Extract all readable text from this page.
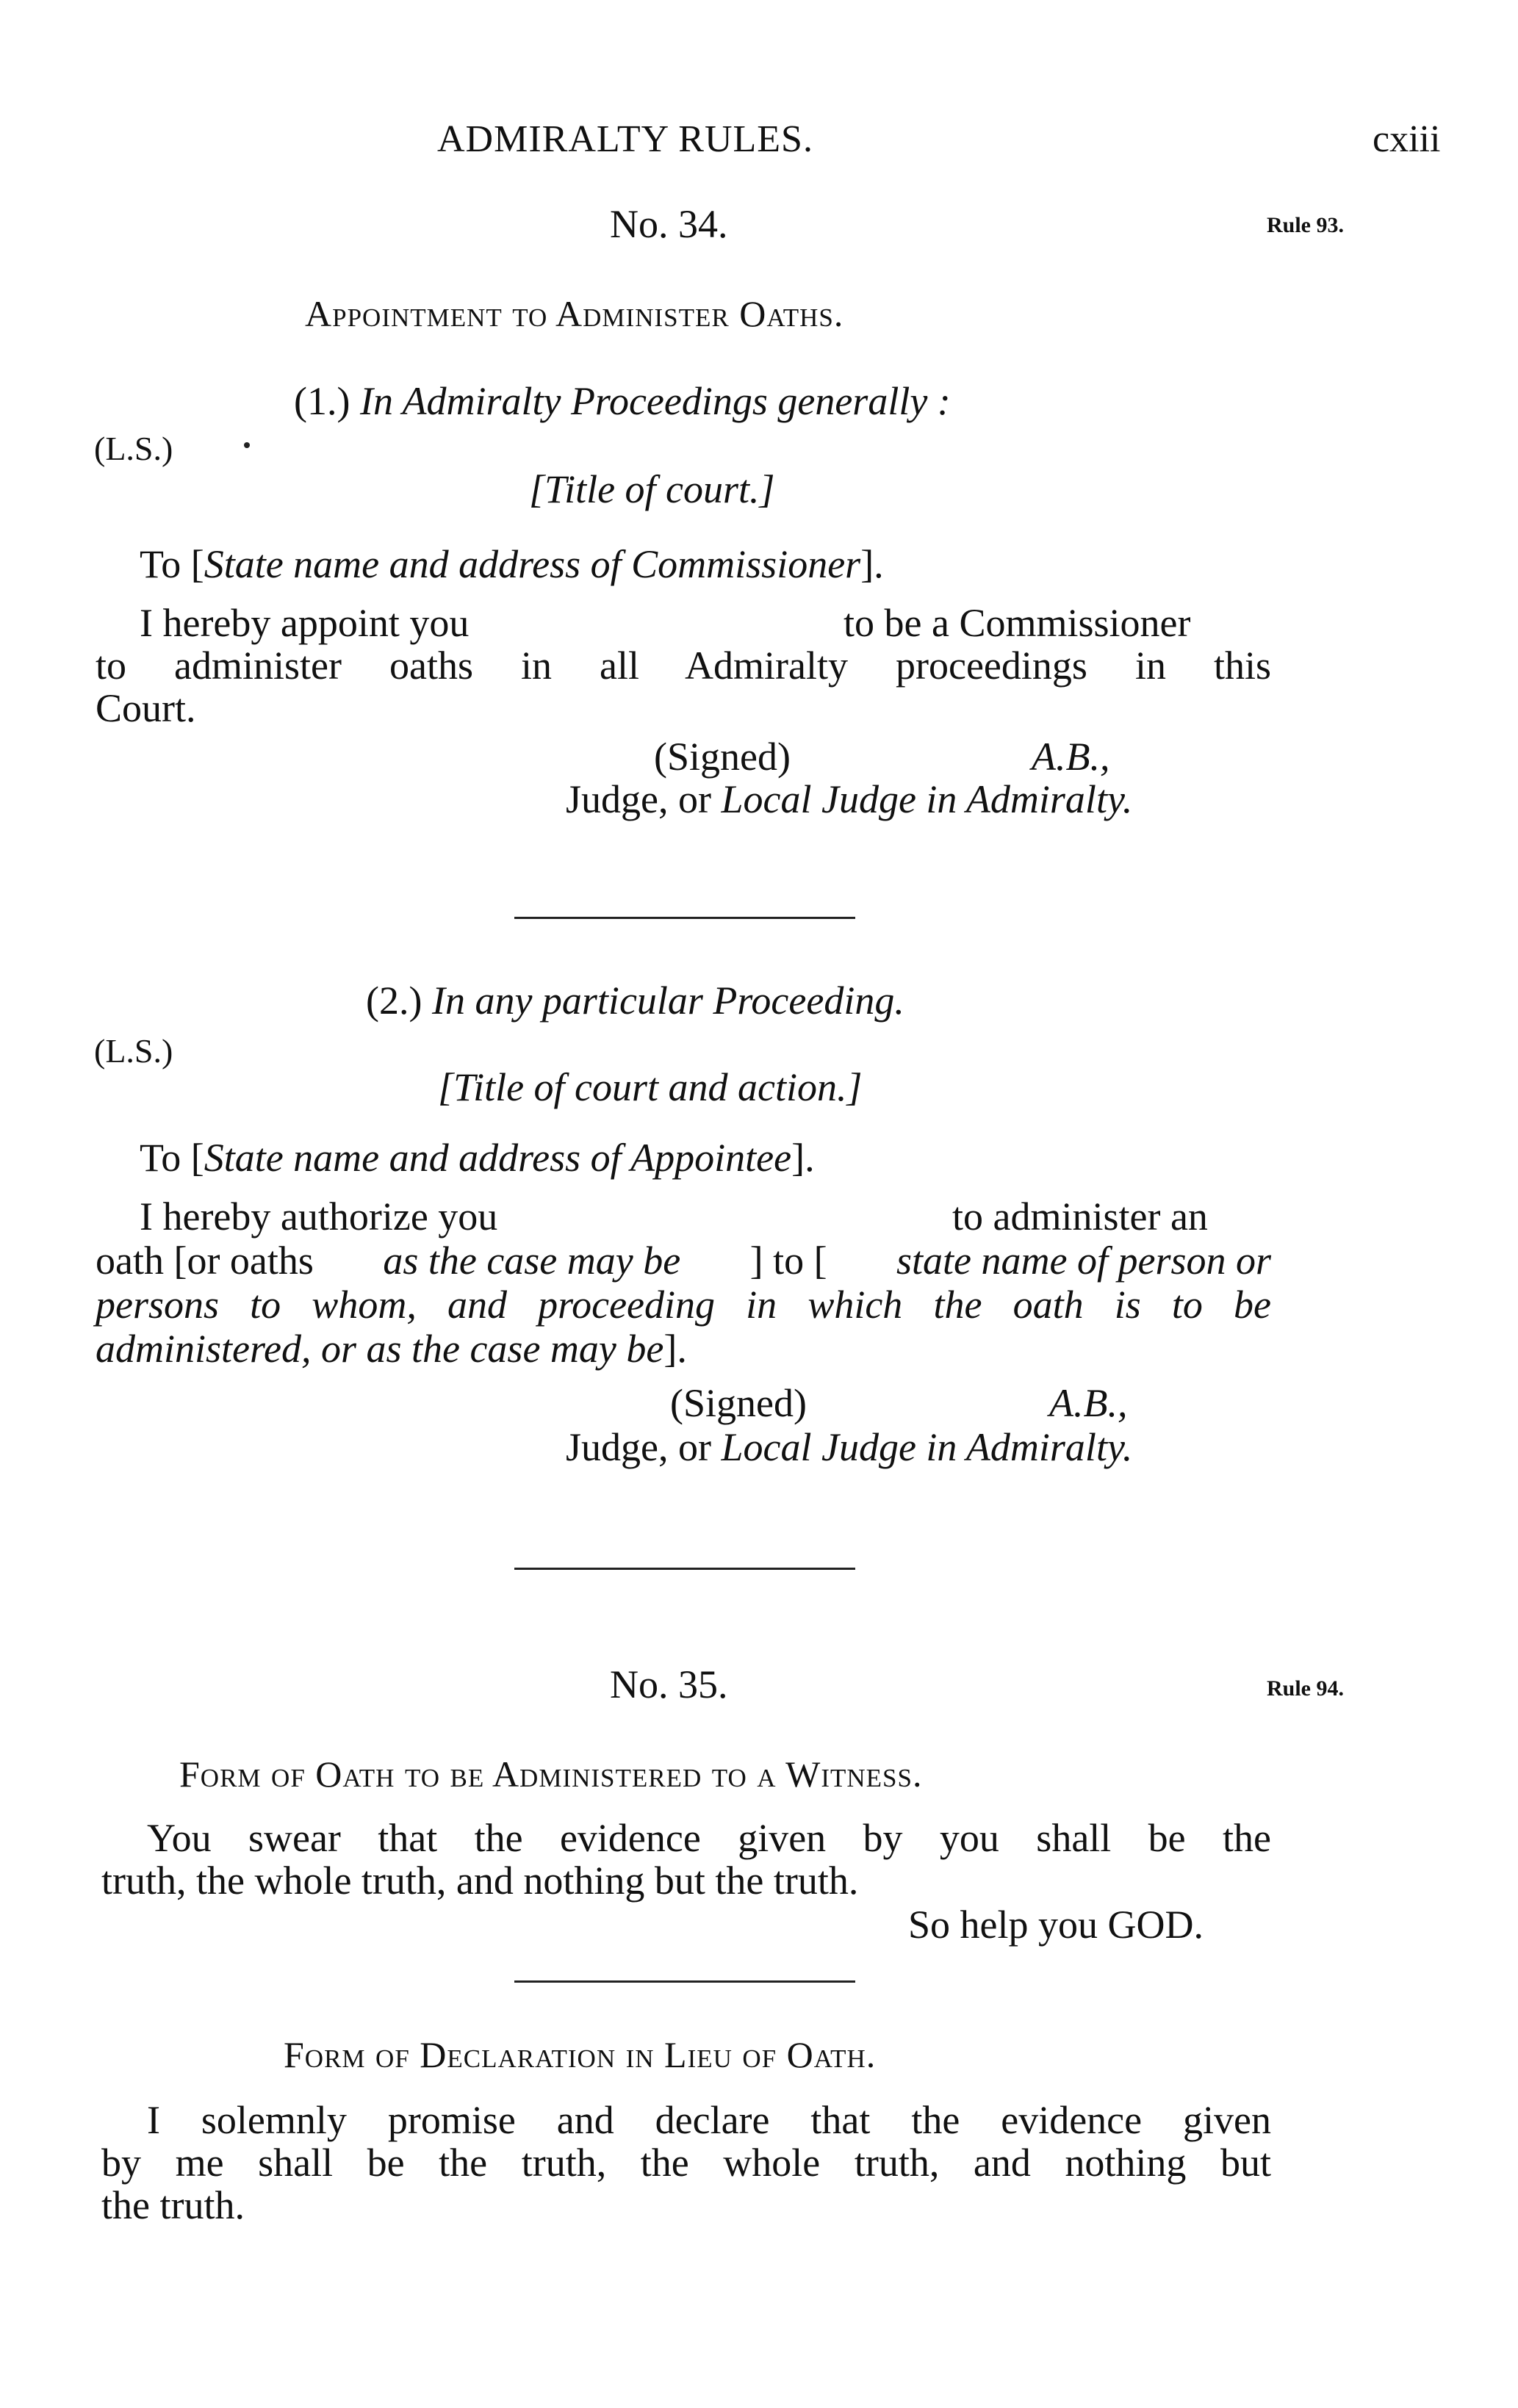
ADMIRALTY RULES.	cxiii
No. 34.	Rule 93.
Appointment to Administer Oaths.
(1.) In Admiralty Proceedings generally :
(L.S.)
[Title of court.]
To [State name and address of Commissioner].
I hereby appoint you	to be a Commissioner
to administer oaths in all Admiralty proceedings in this
Court.
(Signed)	A.B.,
Judge, or Local Judge in Admiralty.
(2.) In any particular Proceeding.
(L.S.)
[Title of court and action.]
To [State name and address of Appointee].
I hereby authorize you	to administer an
oath [or oaths as the case may be ] to [ state name of person or
persons to whom, and proceeding in which the oath is to be
administered, or as the case may be].
(Signed)	A.B.,
Judge, or Local Judge in Admiralty.
No. 35.	Rule 94.
Form of Oath to be Administered to a Witness.
You swear that the evidence given by you shall be the
truth, the whole truth, and nothing but the truth.
So help you GOD.
Form of Declaration in Lieu of Oath.
I solemnly promise and declare that the evidence given
by me shall be the truth, the whole truth, and nothing but
the truth.
